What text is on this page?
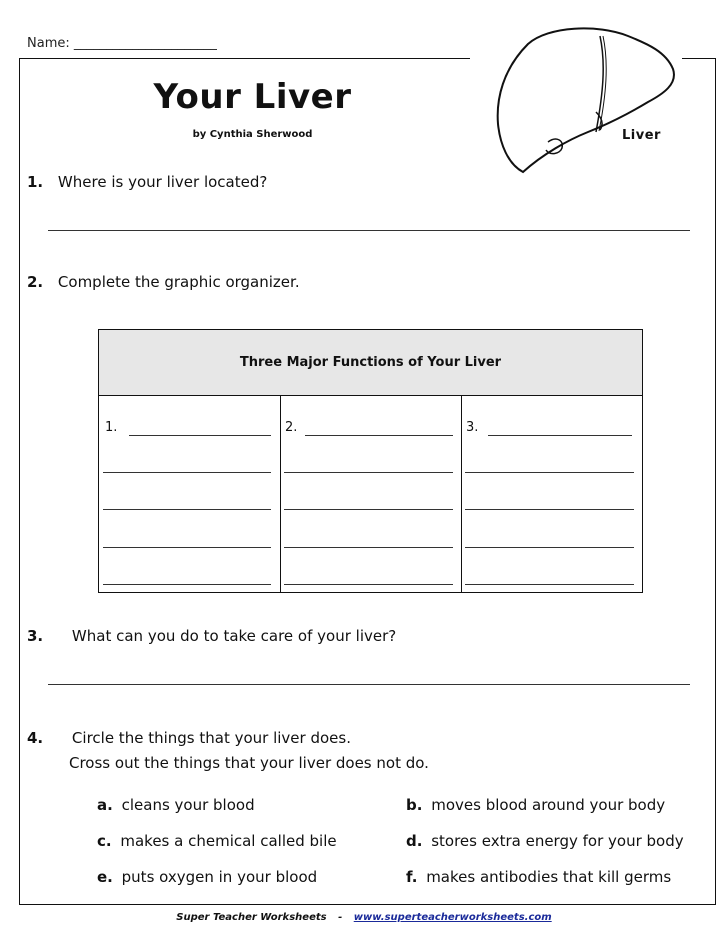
Name: ______________________
Your Liver
by Cynthia Sherwood	Liver
1. Where is your liver located?
2. Complete the graphic organizer.
Three Major Functions of Your Liver
1.	2.	3.
3. What can you do to take care of your liver?
4. Circle the things that your liver does.
Cross out the things that your liver does not do.
a. cleans your blood	b. moves blood around your body
c. makes a chemical called bile	d. stores extra energy for your body
e. puts oxygen in your blood	f. makes antibodies that kill germs
Super Teacher Worksheets - www.superteacherworksheets.com
